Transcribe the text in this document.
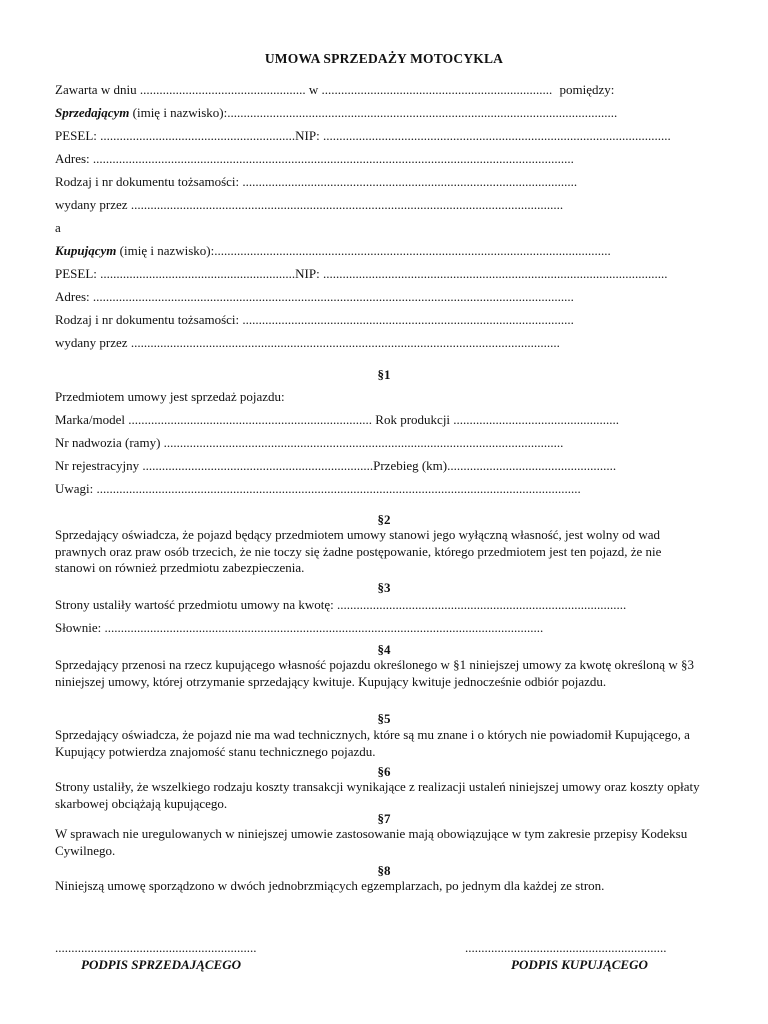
UMOWA SPRZEDAŻY MOTOCYKLA
Zawarta w dniu ................................................... w ....................................................................... pomiędzy:
Sprzedającym (imię i nazwisko):........................................................................................................................
PESEL: ............................................................NIP: ...........................................................................................................
Adres: ....................................................................................................................................................
Rodzaj i nr dokumentu tożsamości: .......................................................................................................
wydany przez .....................................................................................................................................
a
Kupującym (imię i nazwisko):..........................................................................................................................
PESEL: ............................................................NIP: ..........................................................................................................
Adres: ....................................................................................................................................................
Rodzaj i nr dokumentu tożsamości: ......................................................................................................
wydany przez ....................................................................................................................................
§1
Przedmiotem umowy jest sprzedaż pojazdu:
Marka/model ........................................................................... Rok produkcji ...................................................
Nr nadwozia (ramy) ...........................................................................................................................
Nr rejestracyjny .......................................................................Przebieg (km)....................................................
Uwagi: .....................................................................................................................................................
§2
Sprzedający oświadcza, że pojazd będący przedmiotem umowy stanowi jego wyłączną własność, jest wolny od wad prawnych oraz praw osób trzecich, że nie toczy się żadne postępowanie, którego przedmiotem jest ten pojazd, że nie stanowi on również przedmiotu zabezpieczenia.
§3
Strony ustaliły wartość przedmiotu umowy na kwotę: .........................................................................................
Słownie: .......................................................................................................................................
§4
Sprzedający przenosi na rzecz kupującego własność pojazdu określonego w §1 niniejszej umowy za kwotę określoną w §3 niniejszej umowy, której otrzymanie sprzedający kwituje. Kupujący kwituje jednocześnie odbiór pojazdu.
§5
Sprzedający oświadcza, że pojazd nie ma wad technicznych, które są mu znane i o których nie powiadomił Kupującego, a Kupujący potwierdza znajomość stanu technicznego pojazdu.
§6
Strony ustaliły, że wszelkiego rodzaju koszty transakcji wynikające z realizacji ustaleń niniejszej umowy oraz koszty opłaty skarbowej obciążają kupującego.
§7
W sprawach nie uregulowanych w niniejszej umowie zastosowanie mają obowiązujące w tym zakresie przepisy Kodeksu Cywilnego.
§8
Niniejszą umowę sporządzono w dwóch jednobrzmiących egzemplarzach, po jednym dla każdej ze stron.
..............................................................	..............................................................
PODPIS SPRZEDAJĄCEGO	PODPIS KUPUJĄCEGO
